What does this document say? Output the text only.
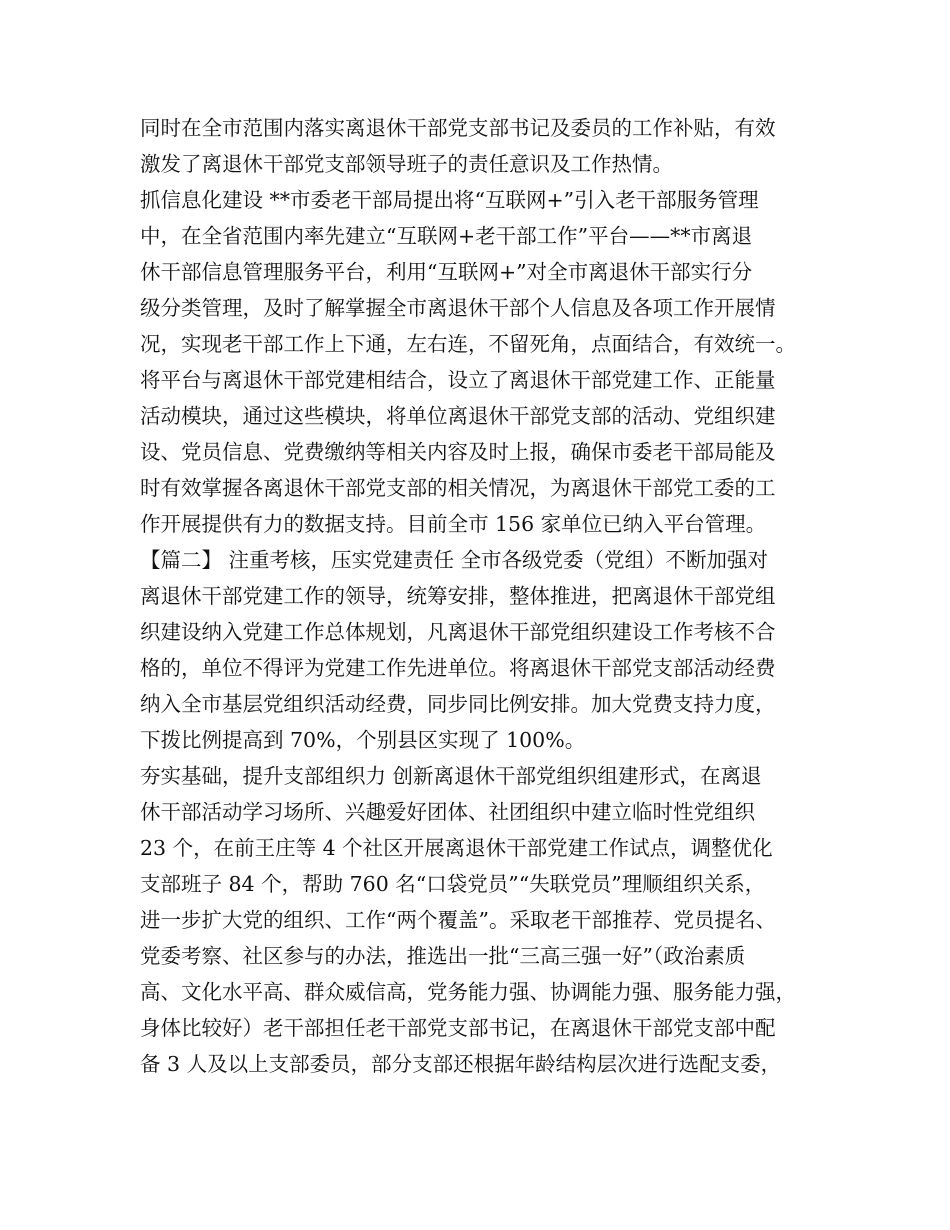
同时在全市范围内落实离退休干部党支部书记及委员的工作补贴，有效
激发了离退休干部党支部领导班子的责任意识及工作热情。
抓信息化建设 **市委老干部局提出将“互联网+”引入老干部服务管理
中，在全省范围内率先建立“互联网+老干部工作”平台——**市离退
休干部信息管理服务平台，利用“互联网+”对全市离退休干部实行分
级分类管理，及时了解掌握全市离退休干部个人信息及各项工作开展情
况，实现老干部工作上下通，左右连，不留死角，点面结合，有效统一。
将平台与离退休干部党建相结合，设立了离退休干部党建工作、正能量
活动模块，通过这些模块，将单位离退休干部党支部的活动、党组织建
设、党员信息、党费缴纳等相关内容及时上报，确保市委老干部局能及
时有效掌握各离退休干部党支部的相关情况，为离退休干部党工委的工
作开展提供有力的数据支持。目前全市 156 家单位已纳入平台管理。
【篇二】 注重考核，压实党建责任 全市各级党委（党组）不断加强对
离退休干部党建工作的领导，统筹安排，整体推进，把离退休干部党组
织建设纳入党建工作总体规划，凡离退休干部党组织建设工作考核不合
格的，单位不得评为党建工作先进单位。将离退休干部党支部活动经费
纳入全市基层党组织活动经费，同步同比例安排。加大党费支持力度，
下拨比例提高到 70%，个别县区实现了 100%。
夯实基础，提升支部组织力 创新离退休干部党组织组建形式，在离退
休干部活动学习场所、兴趣爱好团体、社团组织中建立临时性党组织
23 个，在前王庄等 4 个社区开展离退休干部党建工作试点，调整优化
支部班子 84 个，帮助 760 名“口袋党员”“失联党员”理顺组织关系，
进一步扩大党的组织、工作“两个覆盖”。采取老干部推荐、党员提名、
党委考察、社区参与的办法，推选出一批“三高三强一好”（政治素质
高、文化水平高、群众威信高，党务能力强、协调能力强、服务能力强，
身体比较好）老干部担任老干部党支部书记，在离退休干部党支部中配
备 3 人及以上支部委员，部分支部还根据年龄结构层次进行选配支委，
